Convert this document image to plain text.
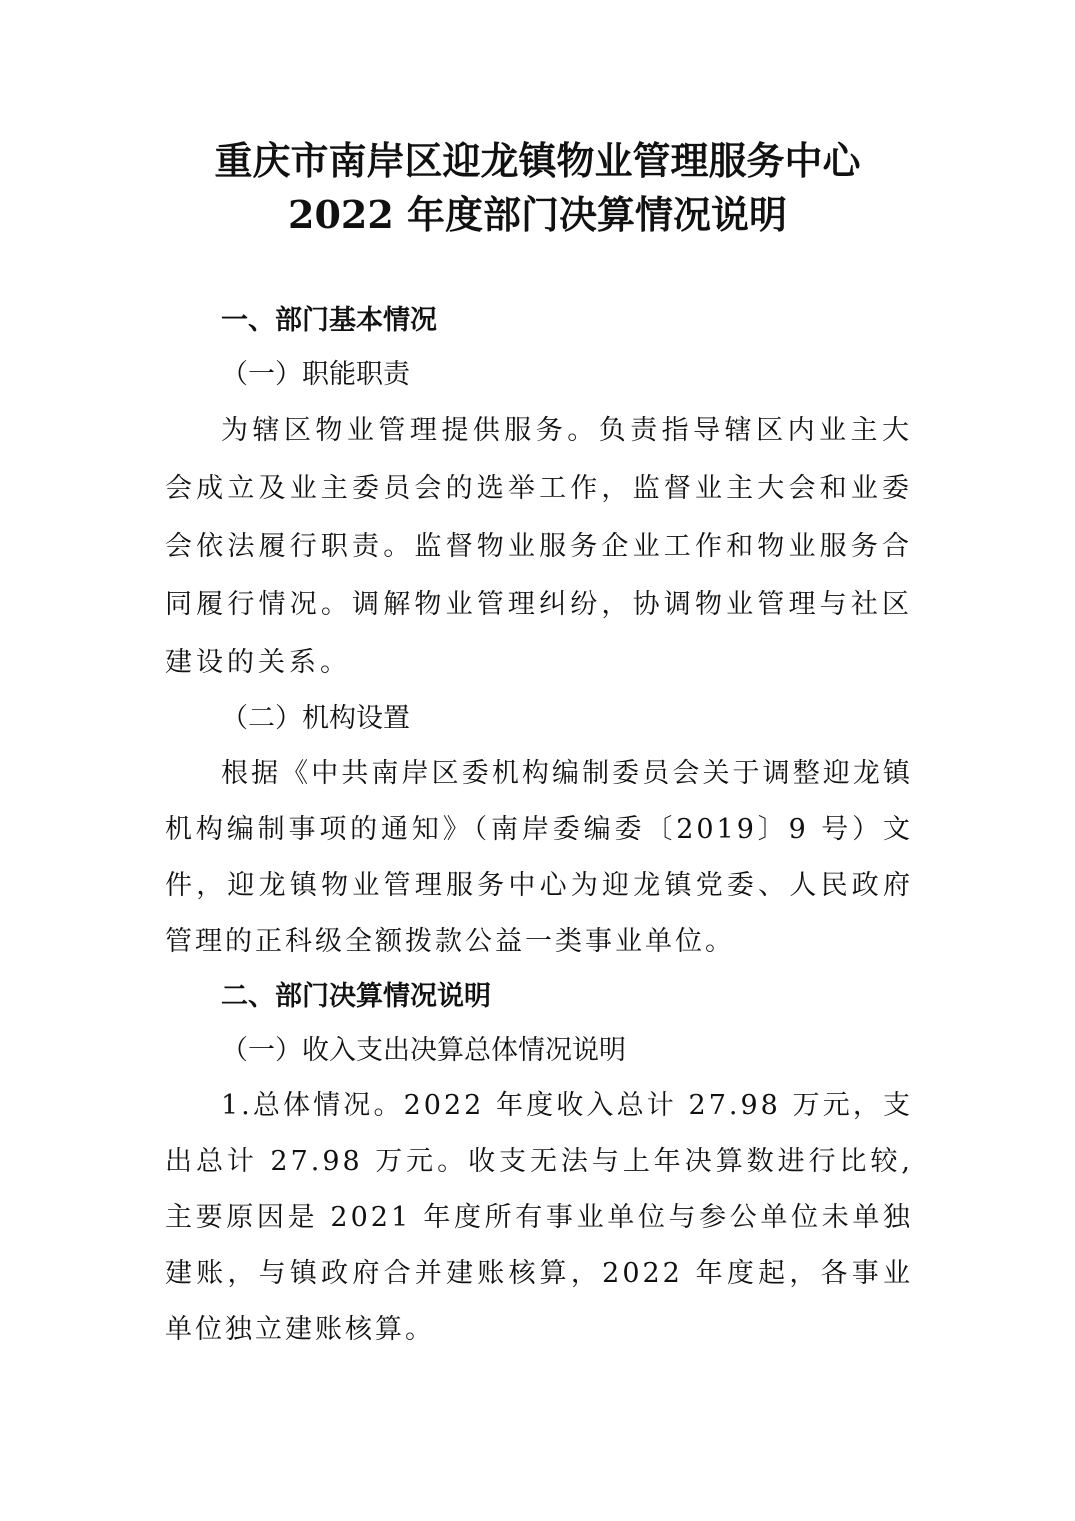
重庆市南岸区迎龙镇物业管理服务中心
2022 年度部门决算情况说明

一、部门基本情况

（一）职能职责

为辖区物业管理提供服务。负责指导辖区内业主大会成立及业主委员会的选举工作，监督业主大会和业委会依法履行职责。监督物业服务企业工作和物业服务合同履行情况。调解物业管理纠纷，协调物业管理与社区建设的关系。

（二）机构设置

根据《中共南岸区委机构编制委员会关于调整迎龙镇机构编制事项的通知》（南岸委编委〔2019〕9 号）文件，迎龙镇物业管理服务中心为迎龙镇党委、人民政府管理的正科级全额拨款公益一类事业单位。

二、部门决算情况说明

（一）收入支出决算总体情况说明

1.总体情况。2022 年度收入总计 27.98 万元，支出总计 27.98 万元。收支无法与上年决算数进行比较,主要原因是 2021 年度所有事业单位与参公单位未单独建账，与镇政府合并建账核算，2022 年度起，各事业单位独立建账核算。
